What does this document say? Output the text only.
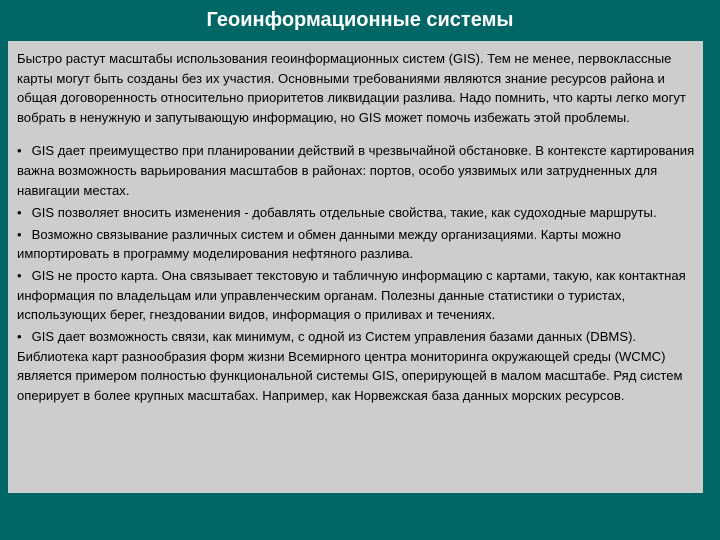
Геоинформационные системы

Быстро растут масштабы использования геоинформационных систем (GIS). Тем не менее, первоклассные карты могут быть созданы без их участия. Основными требованиями являются знание ресурсов района и общая договоренность относительно приоритетов ликвидации разлива. Надо помнить, что карты легко могут вобрать в ненужную и запутывающую информацию, но GIS может помочь избежать этой проблемы.

• GIS дает преимущество при планировании действий в чрезвычайной обстановке. В контексте картирования важна возможность варьирования масштабов в районах: портов, особо уязвимых или затрудненных для навигации местах.
• GIS позволяет вносить изменения - добавлять отдельные свойства, такие, как судоходные маршруты.
• Возможно связывание различных систем и обмен данными между организациями. Карты можно импортировать в программу моделирования нефтяного разлива.
• GIS не просто карта. Она связывает текстовую и табличную информацию с картами, такую, как контактная информация по владельцам или управленческим органам. Полезны данные статистики о туристах, использующих берег, гнездовании видов, информация о приливах и течениях.
• GIS дает возможность связи, как минимум, с одной из Систем управления базами данных (DBMS). Библиотека карт разнообразия форм жизни Всемирного центра мониторинга окружающей среды (WCMC) является примером полностью функциональной системы GIS, оперирующей в малом масштабе. Ряд систем оперирует в более крупных масштабах. Например, как Норвежская база данных морских ресурсов.
